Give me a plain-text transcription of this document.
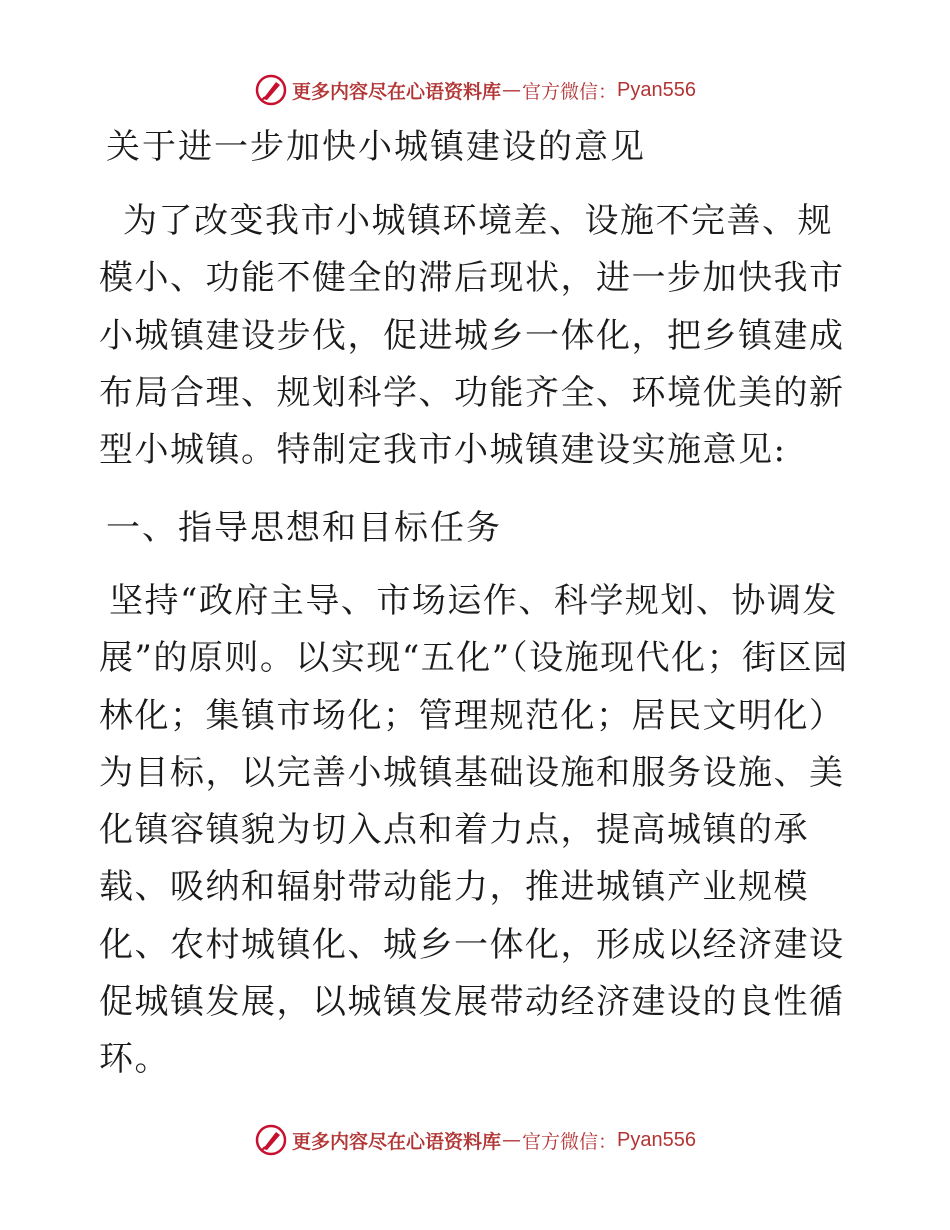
更多内容尽在心语资料库 — 官方微信： Pyan556
关于进一步加快小城镇建设的意见

为了改变我市小城镇环境差、设施不完善、规模小、功能不健全的滞后现状，进一步加快我市小城镇建设步伐，促进城乡一体化，把乡镇建成布局合理、规划科学、功能齐全、环境优美的新型小城镇。特制定我市小城镇建设实施意见:

一、指导思想和目标任务

坚持“政府主导、市场运作、科学规划、协调发展”的原则。以实现“五化”（设施现代化；街区园林化；集镇市场化；管理规范化；居民文明化）为目标，以完善小城镇基础设施和服务设施、美化镇容镇貌为切入点和着力点，提高城镇的承载、吸纳和辐射带动能力，推进城镇产业规模化、农村城镇化、城乡一体化，形成以经济建设促城镇发展，以城镇发展带动经济建设的良性循环。

更多内容尽在心语资料库 — 官方微信： Pyan556
